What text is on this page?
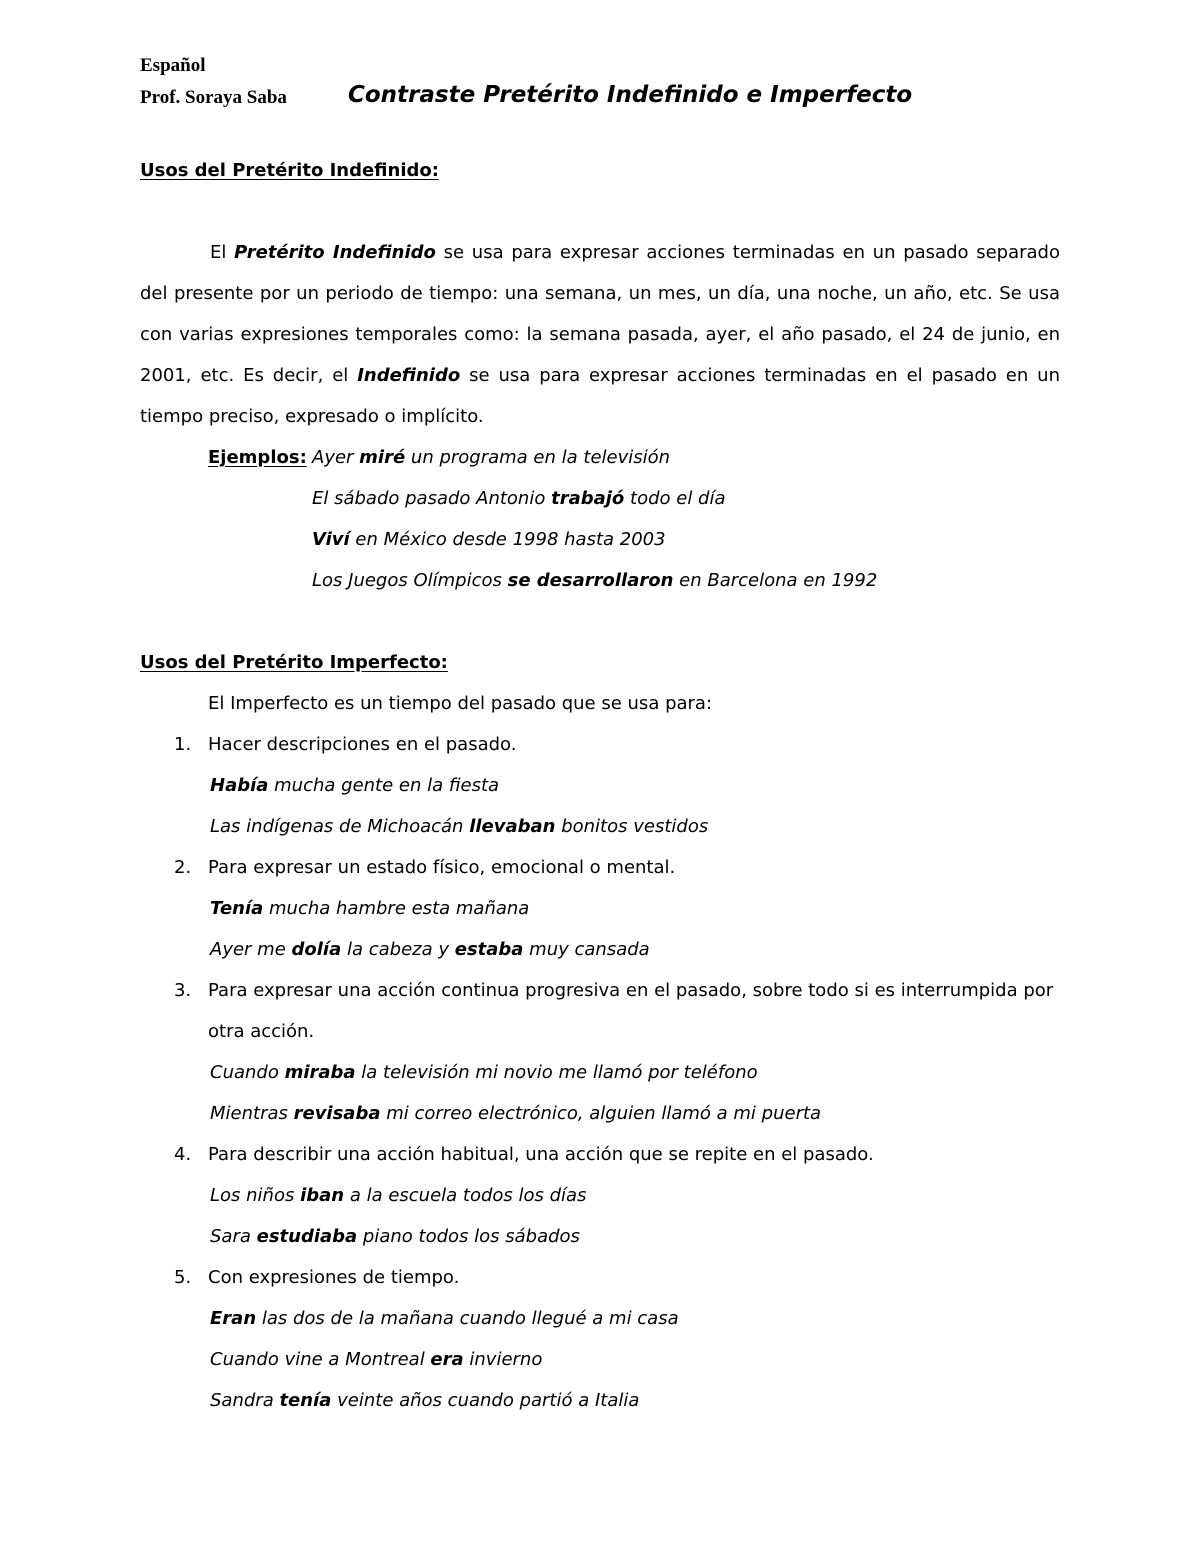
Español
Prof. Soraya Saba	Contraste Pretérito Indefinido e Imperfecto
Usos del Pretérito Indefinido:
El Pretérito Indefinido se usa para expresar acciones terminadas en un pasado separado del presente por un periodo de tiempo: una semana, un mes, un día, una noche, un año, etc. Se usa con varias expresiones temporales como: la semana pasada, ayer, el año pasado, el 24 de junio, en 2001, etc. Es decir, el Indefinido se usa para expresar acciones terminadas en el pasado en un tiempo preciso, expresado o implícito.
Ejemplos: Ayer miré un programa en la televisión
El sábado pasado Antonio trabajó todo el día
Viví en México desde 1998 hasta 2003
Los Juegos Olímpicos se desarrollaron en Barcelona en 1992
Usos del Pretérito Imperfecto:
El Imperfecto es un tiempo del pasado que se usa para:
1. Hacer descripciones en el pasado.
Había mucha gente en la fiesta
Las indígenas de Michoacán llevaban bonitos vestidos
2. Para expresar un estado físico, emocional o mental.
Tenía mucha hambre esta mañana
Ayer me dolía la cabeza y estaba muy cansada
3. Para expresar una acción continua progresiva en el pasado, sobre todo si es interrumpida por
otra acción.
Cuando miraba la televisión mi novio me llamó por teléfono
Mientras revisaba mi correo electrónico, alguien llamó a mi puerta
4. Para describir una acción habitual, una acción que se repite en el pasado.
Los niños iban a la escuela todos los días
Sara estudiaba piano todos los sábados
5. Con expresiones de tiempo.
Eran las dos de la mañana cuando llegué a mi casa
Cuando vine a Montreal era invierno
Sandra tenía veinte años cuando partió a Italia
